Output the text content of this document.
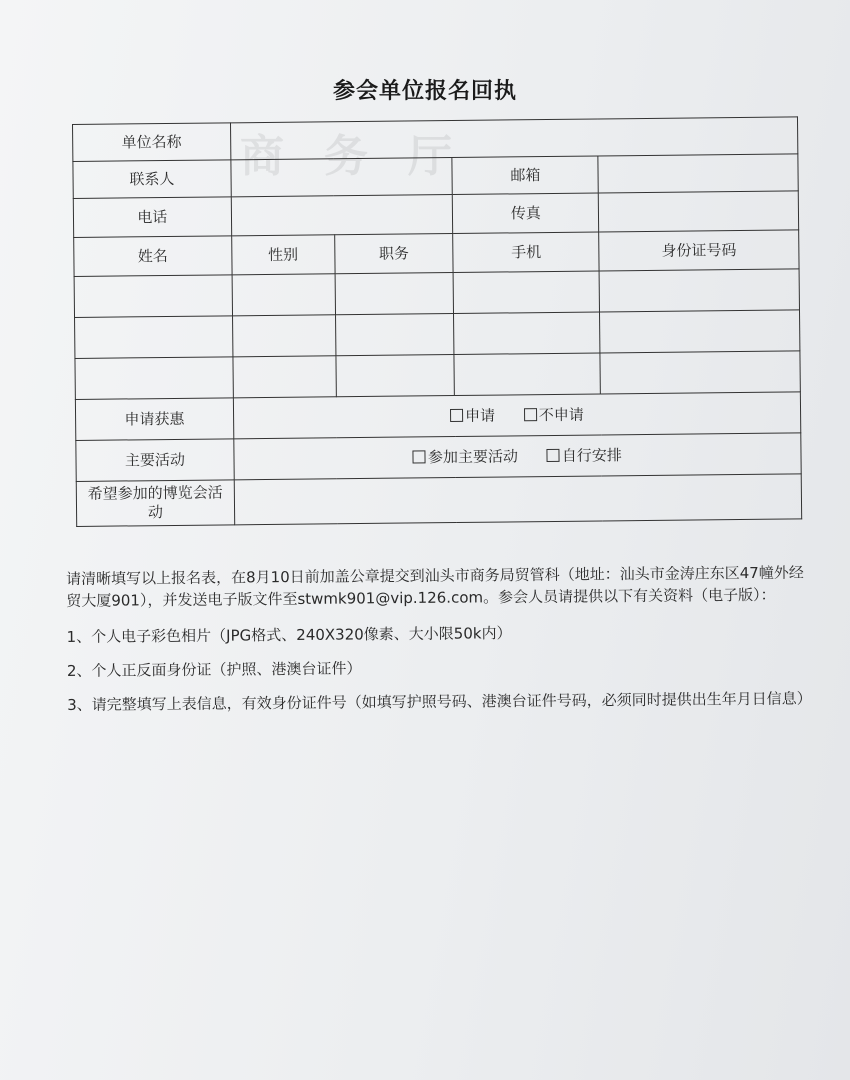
商务厅
参会单位报名回执
单位名称				
联系人			邮箱	
电话			传真	
姓名	性别	职务	手机	身份证号码

申请获惠	申请 不申请			
主要活动	参加主要活动 自行安排			
希望参加的博览会活动				

请清晰填写以上报名表，在8月10日前加盖公章提交到汕头市商务局贸管科（地址：汕头市金涛庄东区47幢外经贸大厦901），并发送电子版文件至stwmk901@vip.126.com。参会人员请提供以下有关资料（电子版）：

1、个人电子彩色相片（JPG格式、240X320像素、大小限50k内）

2、个人正反面身份证（护照、港澳台证件）

3、请完整填写上表信息，有效身份证件号（如填写护照号码、港澳台证件号码，必须同时提供出生年月日信息）
